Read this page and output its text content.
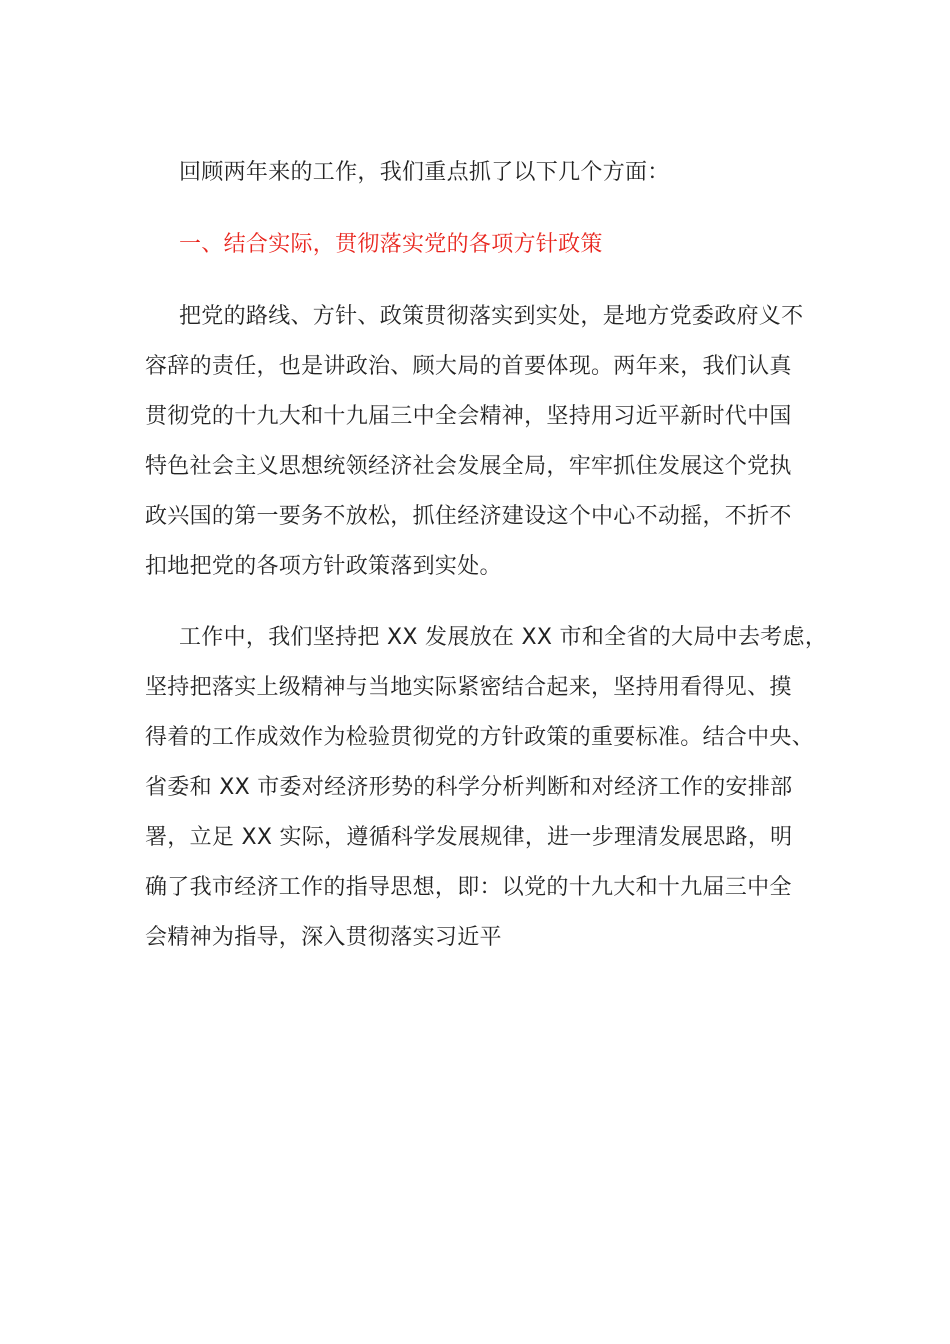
回顾两年来的工作，我们重点抓了以下几个方面：
一、结合实际，贯彻落实党的各项方针政策
把党的路线、方针、政策贯彻落实到实处，是地方党委政府义不
容辞的责任，也是讲政治、顾大局的首要体现。两年来，我们认真
贯彻党的十九大和十九届三中全会精神，坚持用习近平新时代中国
特色社会主义思想统领经济社会发展全局，牢牢抓住发展这个党执
政兴国的第一要务不放松，抓住经济建设这个中心不动摇，不折不
扣地把党的各项方针政策落到实处。
工作中，我们坚持把 XX 发展放在 XX 市和全省的大局中去考虑，
坚持把落实上级精神与当地实际紧密结合起来，坚持用看得见、摸
得着的工作成效作为检验贯彻党的方针政策的重要标准。结合中央、
省委和 XX 市委对经济形势的科学分析判断和对经济工作的安排部
署，立足 XX 实际，遵循科学发展规律，进一步理清发展思路，明
确了我市经济工作的指导思想，即：以党的十九大和十九届三中全
会精神为指导，深入贯彻落实习近平
